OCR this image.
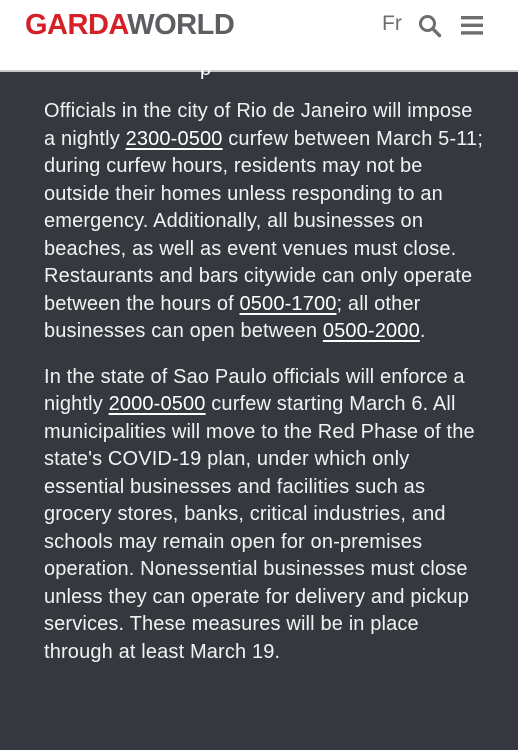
GARDAWORLD	Fr
p

Officials in the city of Rio de Janeiro will impose a nightly 2300-0500 curfew between March 5-11; during curfew hours, residents may not be outside their homes unless responding to an emergency. Additionally, all businesses on beaches, as well as event venues must close. Restaurants and bars citywide can only operate between the hours of 0500-1700; all other businesses can open between 0500-2000.

In the state of Sao Paulo officials will enforce a nightly 2000-0500 curfew starting March 6. All municipalities will move to the Red Phase of the state's COVID-19 plan, under which only essential businesses and facilities such as grocery stores, banks, critical industries, and schools may remain open for on-premises operation. Nonessential businesses must close unless they can operate for delivery and pickup services. These measures will be in place through at least March 19.
